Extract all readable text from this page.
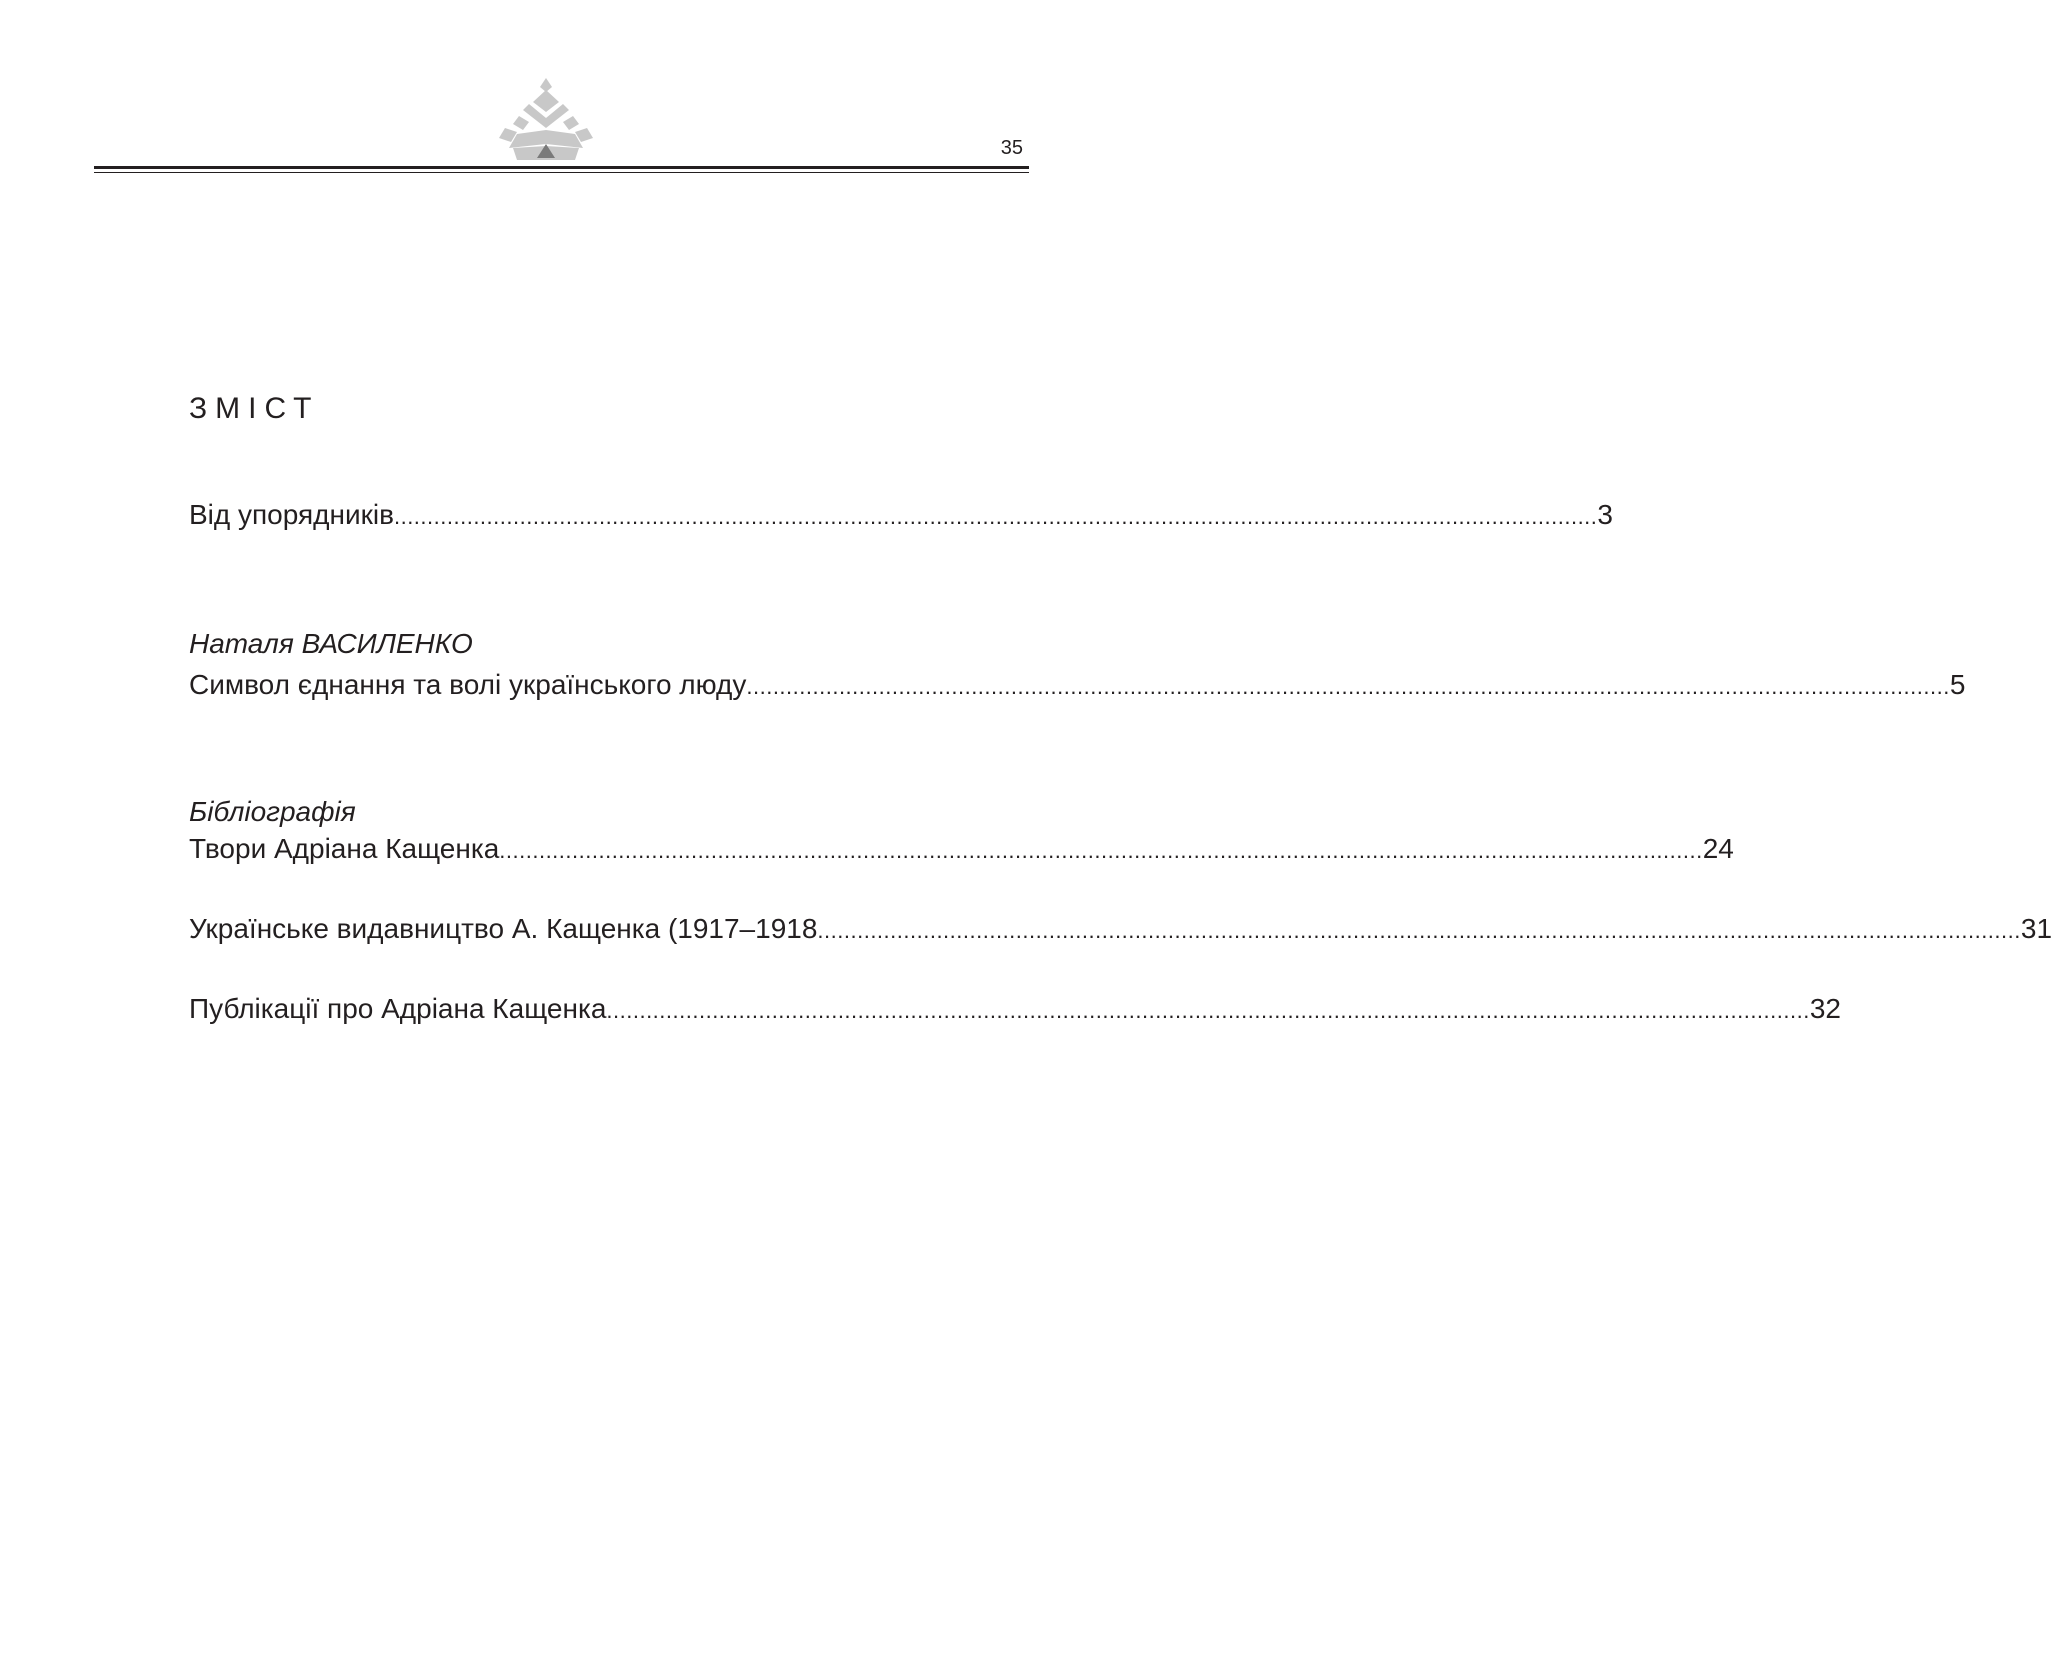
35
ЗМІСТ
Від упорядників ...................................................................................................................................................................................... 3
Наталя ВАСИЛЕНКО
Символ єднання та волі українського люду ...................................................................................................................................................................................... 5
Бібліографія
Твори Адріана Кащенка ...................................................................................................................................................................................... 24
Українське видавництво А. Кащенка (1917–1918 ...................................................................................................................................................................................... 31
Публікації про Адріана Кащенка ...................................................................................................................................................................................... 32
